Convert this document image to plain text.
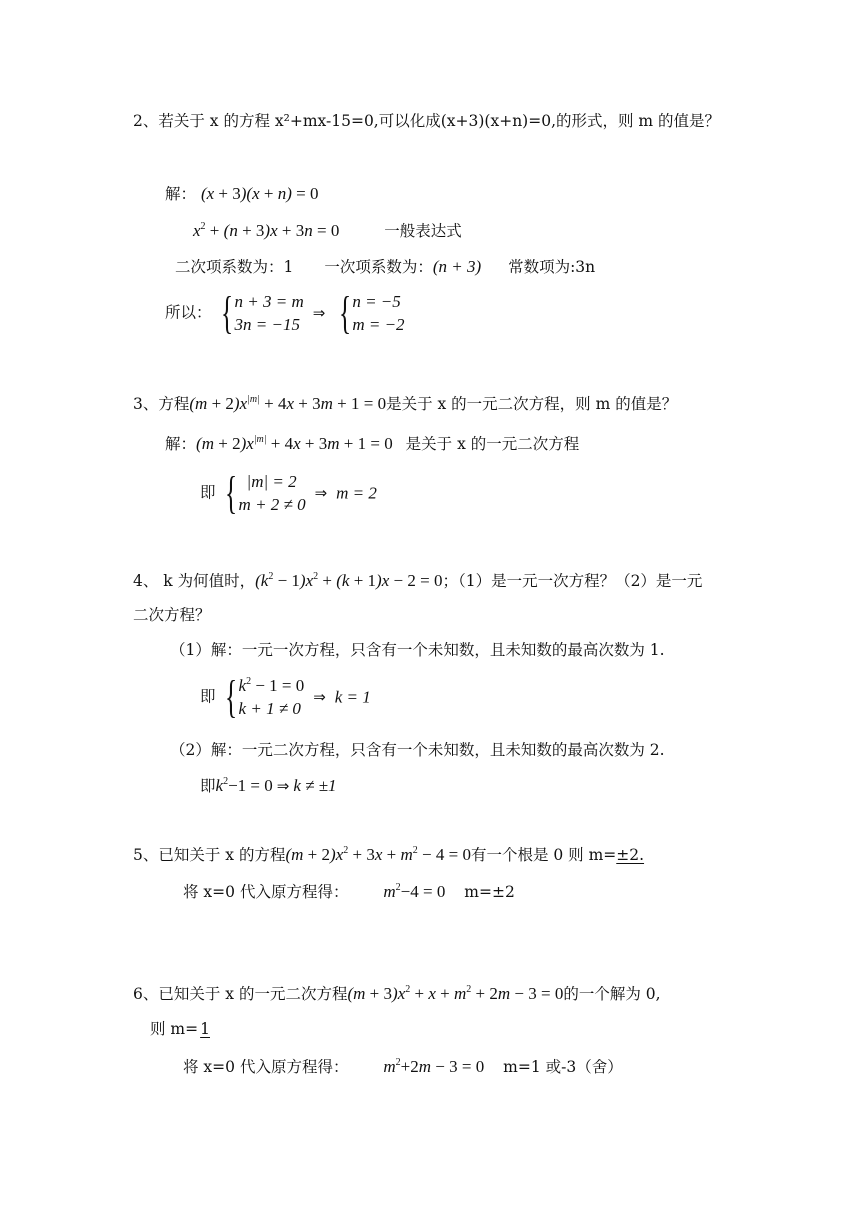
2、若关于 x 的方程 x²+mx-15=0,可以化成(x+3)(x+n)=0,的形式，则 m 的值是？
解： (x + 3)(x + n) = 0
$x^2 + (n + 3)x + 3n = 0$	一般表达式
二次项系数为：1 一次项系数为：(n + 3) 常数项为:3n
所以： { n + 3 = m
3n = −15
⇒ { n = −5
m = −2
3、方程$(m + 2)x^{|m|} + 4x + 3m + 1 = 0$是关于 x 的一元二次方程，则 m 的值是？
解：$(m + 2)x^{|m|} + 4x + 3m + 1 = 0$ 是关于 x 的一元二次方程
即 { |m| = 2
m + 2 ≠ 0
⇒ m = 2
4、 k 为何值时，$(k^2 - 1)x^2 + (k + 1)x - 2 = 0$；（1）是一元一次方程？（2）是一元
二次方程？
（1）解：一元一次方程，只含有一个未知数，且未知数的最高次数为 1.
即 { $k^2 - 1 = 0$
k + 1 ≠ 0
⇒ k = 1
（2）解：一元二次方程，只含有一个未知数，且未知数的最高次数为 2.
即$k^2-1 = 0$ ⇒ k ≠ ±1
5、已知关于 x 的方程$(m + 2)x^2 + 3x + m^2 - 4 = 0$有一个根是 0 则 m=±2.
将 x=0 代入原方程得： $m^2-4 = 0$ m=±2
6、已知关于 x 的一元二次方程$(m + 3)x^2 + x + m^2 + 2m - 3 = 0$的一个解为 0,
则 m= 1
将 x=0 代入原方程得： $m^2+2m - 3 = 0$ m=1 或-3（舍）
